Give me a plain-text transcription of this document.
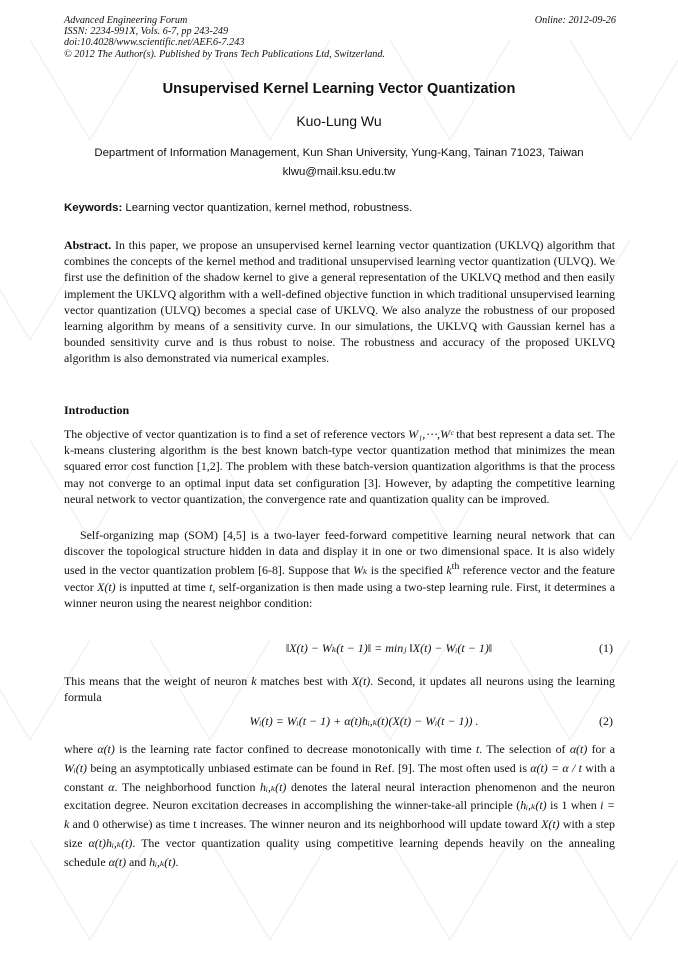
Advanced Engineering Forum
ISSN: 2234-991X, Vols. 6-7, pp 243-249
doi:10.4028/www.scientific.net/AEF.6-7.243
© 2012 The Author(s). Published by Trans Tech Publications Ltd, Switzerland.
Online: 2012-09-26
Unsupervised Kernel Learning Vector Quantization
Kuo-Lung Wu
Department of Information Management, Kun Shan University, Yung-Kang, Tainan 71023, Taiwan
klwu@mail.ksu.edu.tw
Keywords: Learning vector quantization, kernel method, robustness.
Abstract. In this paper, we propose an unsupervised kernel learning vector quantization (UKLVQ) algorithm that combines the concepts of the kernel method and traditional unsupervised learning vector quantization (ULVQ). We first use the definition of the shadow kernel to give a general representation of the UKLVQ method and then easily implement the UKLVQ algorithm with a well-defined objective function in which traditional unsupervised learning vector quantization (ULVQ) becomes a special case of UKLVQ. We also analyze the robustness of our proposed learning algorithm by means of a sensitivity curve. In our simulations, the UKLVQ with Gaussian kernel has a bounded sensitivity curve and is thus robust to noise. The robustness and accuracy of the proposed UKLVQ algorithm is also demonstrated via numerical examples.
Introduction
The objective of vector quantization is to find a set of reference vectors W₁,⋯,Wᶜ that best represent a data set. The k-means clustering algorithm is the best known batch-type vector quantization method that minimizes the mean squared error cost function [1,2]. The problem with these batch-version quantization algorithms is that the process may not converge to an optimal input data set configuration [3]. However, by adapting the competitive learning neural network to vector quantization, the convergence rate and quantization quality can be improved.
Self-organizing map (SOM) [4,5] is a two-layer feed-forward competitive learning neural network that can discover the topological structure hidden in data and display it in one or two dimensional space. It is also widely used in the vector quantization problem [6-8]. Suppose that Wₖ is the specified $k^{th}$ reference vector and the feature vector X(t) is inputted at time t, self-organization is then made using a two-step learning rule. First, it determines a winner neuron using the nearest neighbor condition:
‖X(t) − Wₖ(t − 1)‖ = minⱼ ‖X(t) − Wᵢ(t − 1)‖	(1)
This means that the weight of neuron k matches best with X(t). Second, it updates all neurons using the learning formula
Wᵢ(t) = Wᵢ(t − 1) + α(t)hᵢ,ₖ(t)(X(t) − Wᵢ(t − 1)) .	(2)
where α(t) is the learning rate factor confined to decrease monotonically with time t. The selection of α(t) for a Wᵢ(t) being an asymptotically unbiased estimate can be found in Ref. [9]. The most often used is α(t) = α / t with a constant α. The neighborhood function hᵢ,ₖ(t) denotes the lateral neural interaction phenomenon and the neuron excitation degree. Neuron excitation decreases in accomplishing the winner-take-all principle (hᵢ,ₖ(t) is 1 when i = k and 0 otherwise) as time t increases. The winner neuron and its neighborhood will update toward X(t) with a step size α(t)hᵢ,ₖ(t). The vector quantization quality using competitive learning depends heavily on the annealing schedule α(t) and hᵢ,ₖ(t).
